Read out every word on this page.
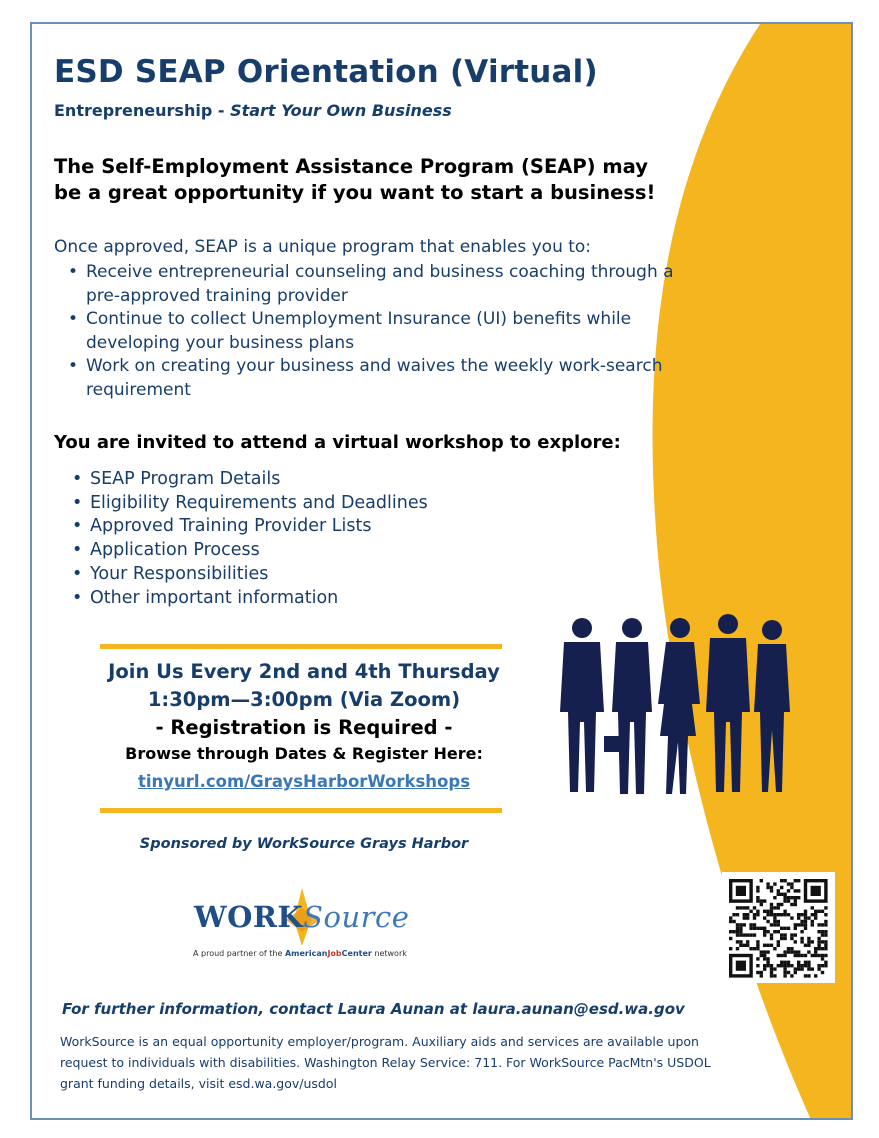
ESD SEAP Orientation (Virtual)
Entrepreneurship - Start Your Own Business
The Self-Employment Assistance Program (SEAP) may be a great opportunity if you want to start a business!
Once approved, SEAP is a unique program that enables you to:
• Receive entrepreneurial counseling and business coaching through a pre-approved training provider
• Continue to collect Unemployment Insurance (UI) benefits while developing your business plans
• Work on creating your business and waives the weekly work-search requirement
You are invited to attend a virtual workshop to explore:
• SEAP Program Details
• Eligibility Requirements and Deadlines
• Approved Training Provider Lists
• Application Process
• Your Responsibilities
• Other important information
Join Us Every 2nd and 4th Thursday
1:30pm—3:00pm (Via Zoom)
- Registration is Required -
Browse through Dates & Register Here:
tinyurl.com/GraysHarborWorkshops
Sponsored by WorkSource Grays Harbor
WORKSource
A proud partner of the AmericanJobCenter network
For further information, contact Laura Aunan at laura.aunan@esd.wa.gov
WorkSource is an equal opportunity employer/program. Auxiliary aids and services are available upon request to individuals with disabilities. Washington Relay Service: 711. For WorkSource PacMtn's USDOL grant funding details, visit esd.wa.gov/usdol
